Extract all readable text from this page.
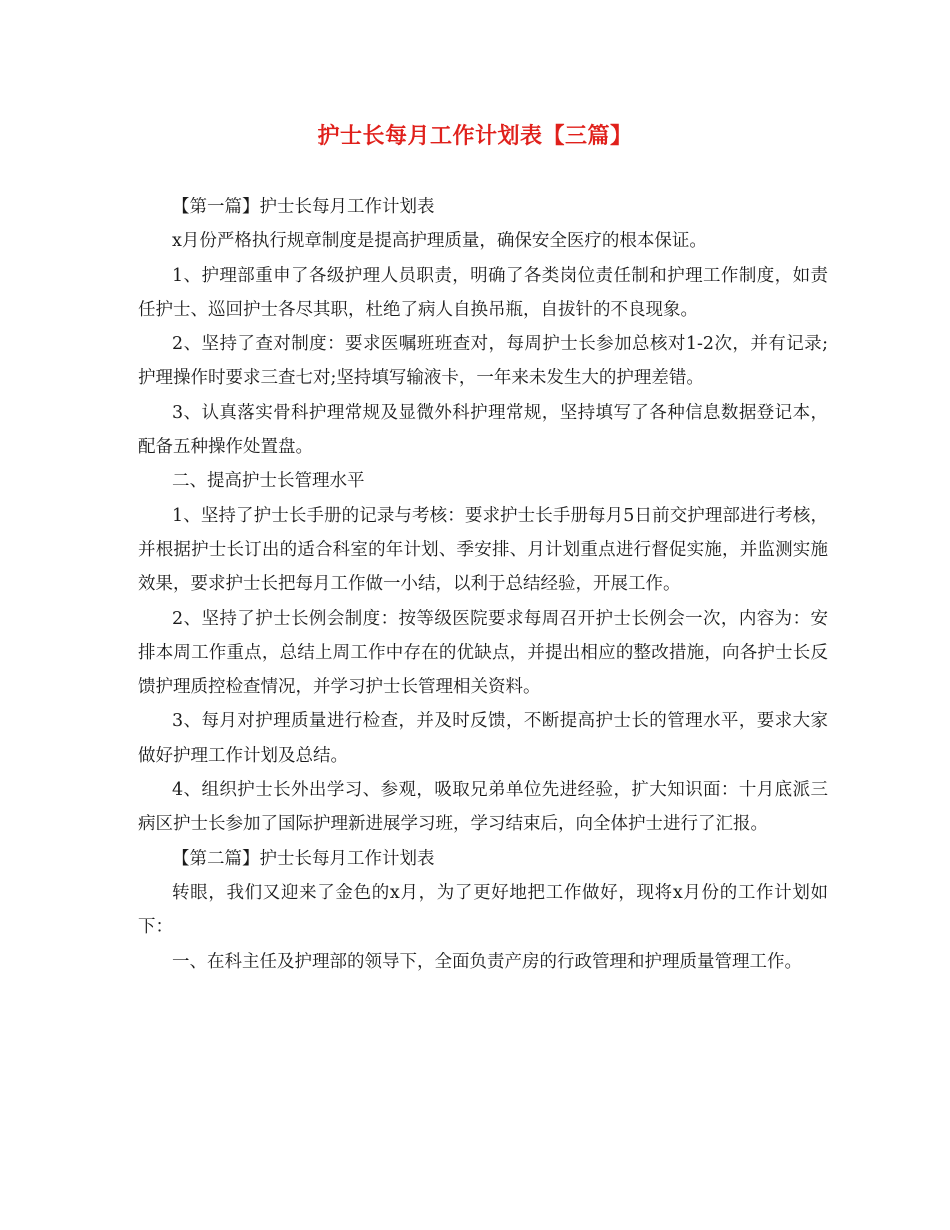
护士长每月工作计划表【三篇】

【第一篇】护士长每月工作计划表

x月份严格执行规章制度是提高护理质量，确保安全医疗的根本保证。

1、护理部重申了各级护理人员职责，明确了各类岗位责任制和护理工作制度，如责任护士、巡回护士各尽其职，杜绝了病人自换吊瓶，自拔针的不良现象。

2、坚持了查对制度：要求医嘱班班查对，每周护士长参加总核对1-2次，并有记录;护理操作时要求三查七对;坚持填写输液卡，一年来未发生大的护理差错。

3、认真落实骨科护理常规及显微外科护理常规，坚持填写了各种信息数据登记本，配备五种操作处置盘。

二、提高护士长管理水平

1、坚持了护士长手册的记录与考核：要求护士长手册每月5日前交护理部进行考核，并根据护士长订出的适合科室的年计划、季安排、月计划重点进行督促实施，并监测实施效果，要求护士长把每月工作做一小结，以利于总结经验，开展工作。

2、坚持了护士长例会制度：按等级医院要求每周召开护士长例会一次，内容为：安排本周工作重点，总结上周工作中存在的优缺点，并提出相应的整改措施，向各护士长反馈护理质控检查情况，并学习护士长管理相关资料。

3、每月对护理质量进行检查，并及时反馈，不断提高护士长的管理水平，要求大家做好护理工作计划及总结。

4、组织护士长外出学习、参观，吸取兄弟单位先进经验，扩大知识面：十月底派三病区护士长参加了国际护理新进展学习班，学习结束后，向全体护士进行了汇报。

【第二篇】护士长每月工作计划表

转眼，我们又迎来了金色的x月，为了更好地把工作做好，现将x月份的工作计划如下：

一、在科主任及护理部的领导下，全面负责产房的行政管理和护理质量管理工作。
